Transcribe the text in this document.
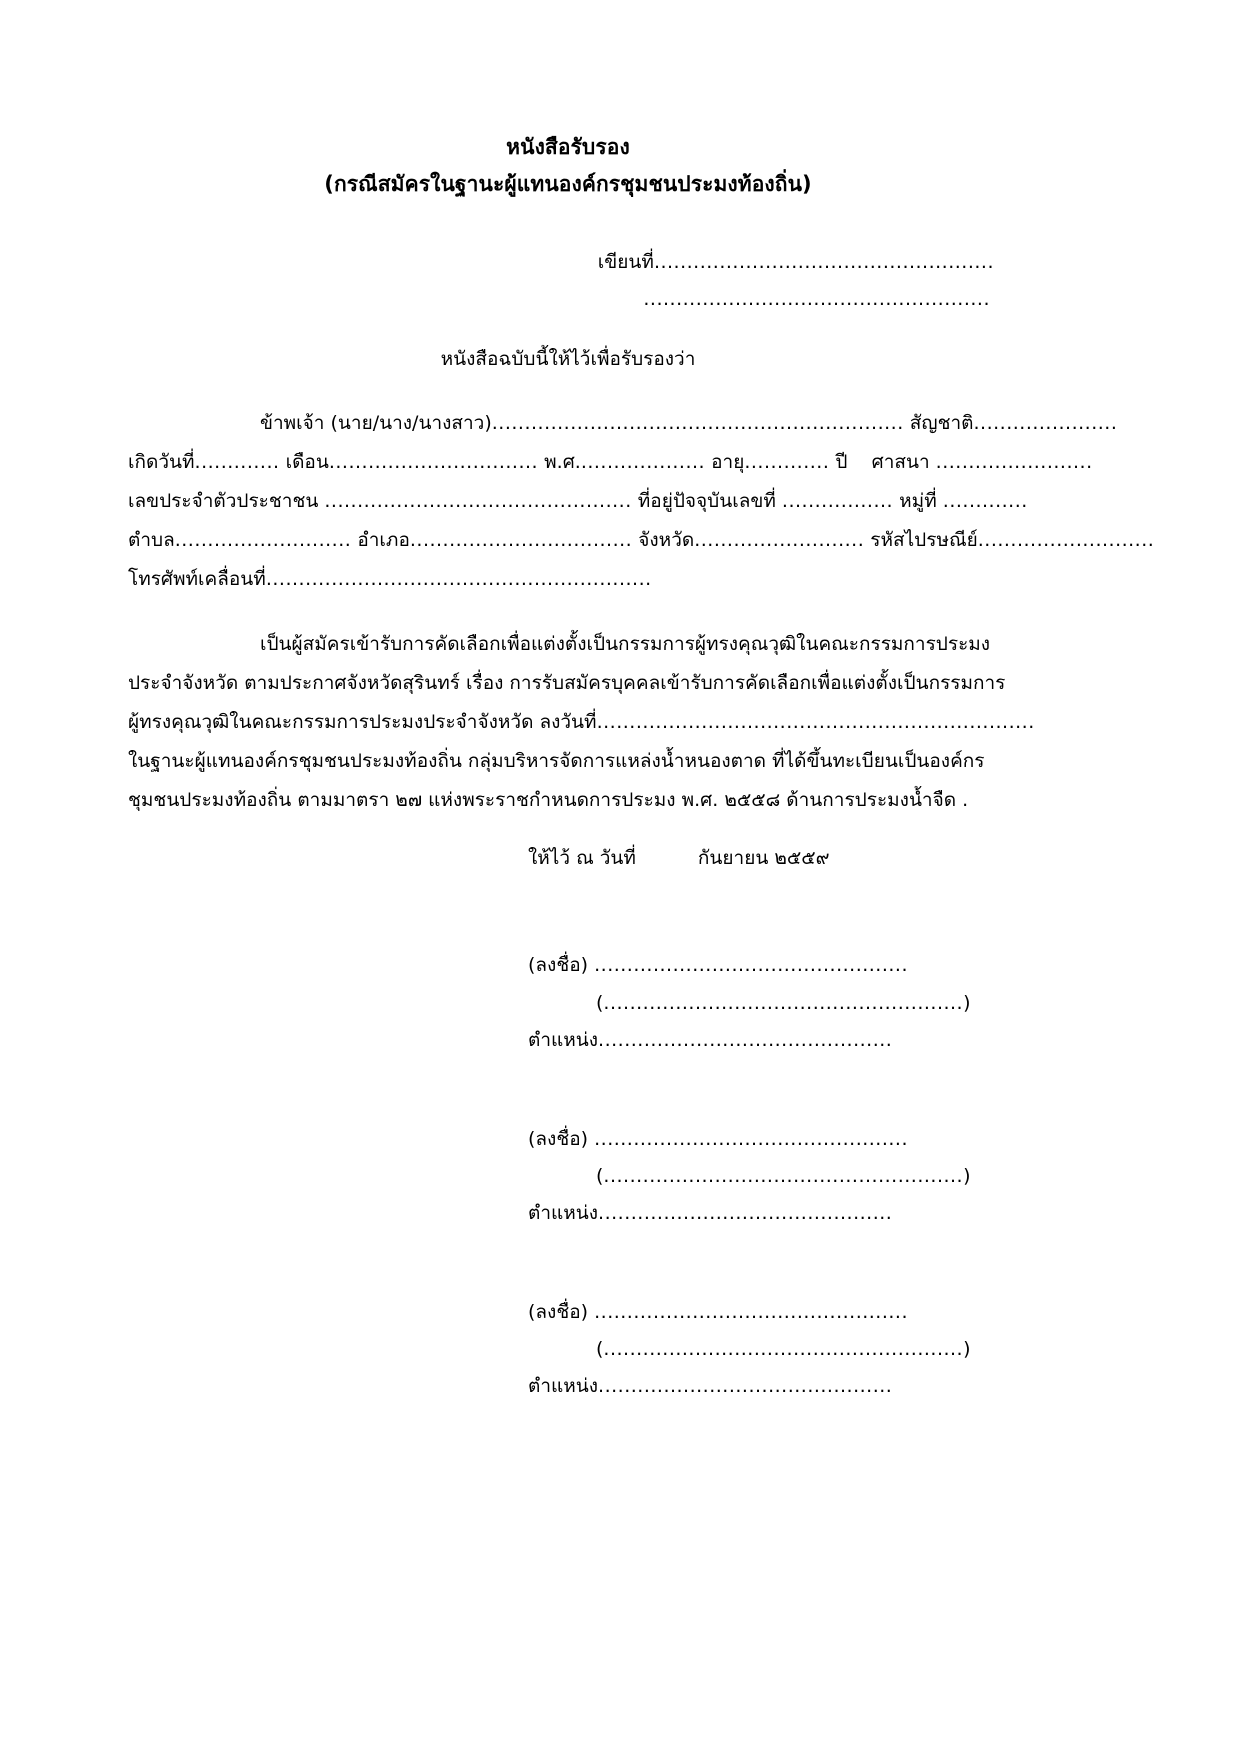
หนังสือรับรอง
(กรณีสมัครในฐานะผู้แทนองค์กรชุมชนประมงท้องถิ่น)
เขียนที่....................................................
.....................................................
หนังสือฉบับนี้ให้ไว้เพื่อรับรองว่า
ข้าพเจ้า (นาย/นาง/นางสาว)............................................................... สัญชาติ......................
เกิดวันที่............. เดือน................................ พ.ศ.................... อายุ............. ปี ศาสนา ........................
เลขประจำตัวประชาชน ............................................... ที่อยู่ปัจจุบันเลขที่ ................. หมู่ที่ .............
ตำบล........................... อำเภอ.................................. จังหวัด.......................... รหัสไปรษณีย์...........................
โทรศัพท์เคลื่อนที่...........................................................
เป็นผู้สมัครเข้ารับการคัดเลือกเพื่อแต่งตั้งเป็นกรรมการผู้ทรงคุณวุฒิในคณะกรรมการประมง
ประจำจังหวัด ตามประกาศจังหวัดสุรินทร์ เรื่อง การรับสมัครบุคคลเข้ารับการคัดเลือกเพื่อแต่งตั้งเป็นกรรมการ
ผู้ทรงคุณวุฒิในคณะกรรมการประมงประจำจังหวัด ลงวันที่...................................................................
ในฐานะผู้แทนองค์กรชุมชนประมงท้องถิ่น กลุ่มบริหารจัดการแหล่งน้ำหนองตาด ที่ได้ขึ้นทะเบียนเป็นองค์กร
ชุมชนประมงท้องถิ่น ตามมาตรา ๒๗ แห่งพระราชกำหนดการประมง พ.ศ. ๒๕๕๘ ด้านการประมงน้ำจืด .
ให้ไว้ ณ วันที่	กันยายน ๒๕๕๙
(ลงชื่อ) ................................................
(.......................................................)
ตำแหน่ง.............................................
(ลงชื่อ) ................................................
(.......................................................)
ตำแหน่ง.............................................
(ลงชื่อ) ................................................
(.......................................................)
ตำแหน่ง.............................................
